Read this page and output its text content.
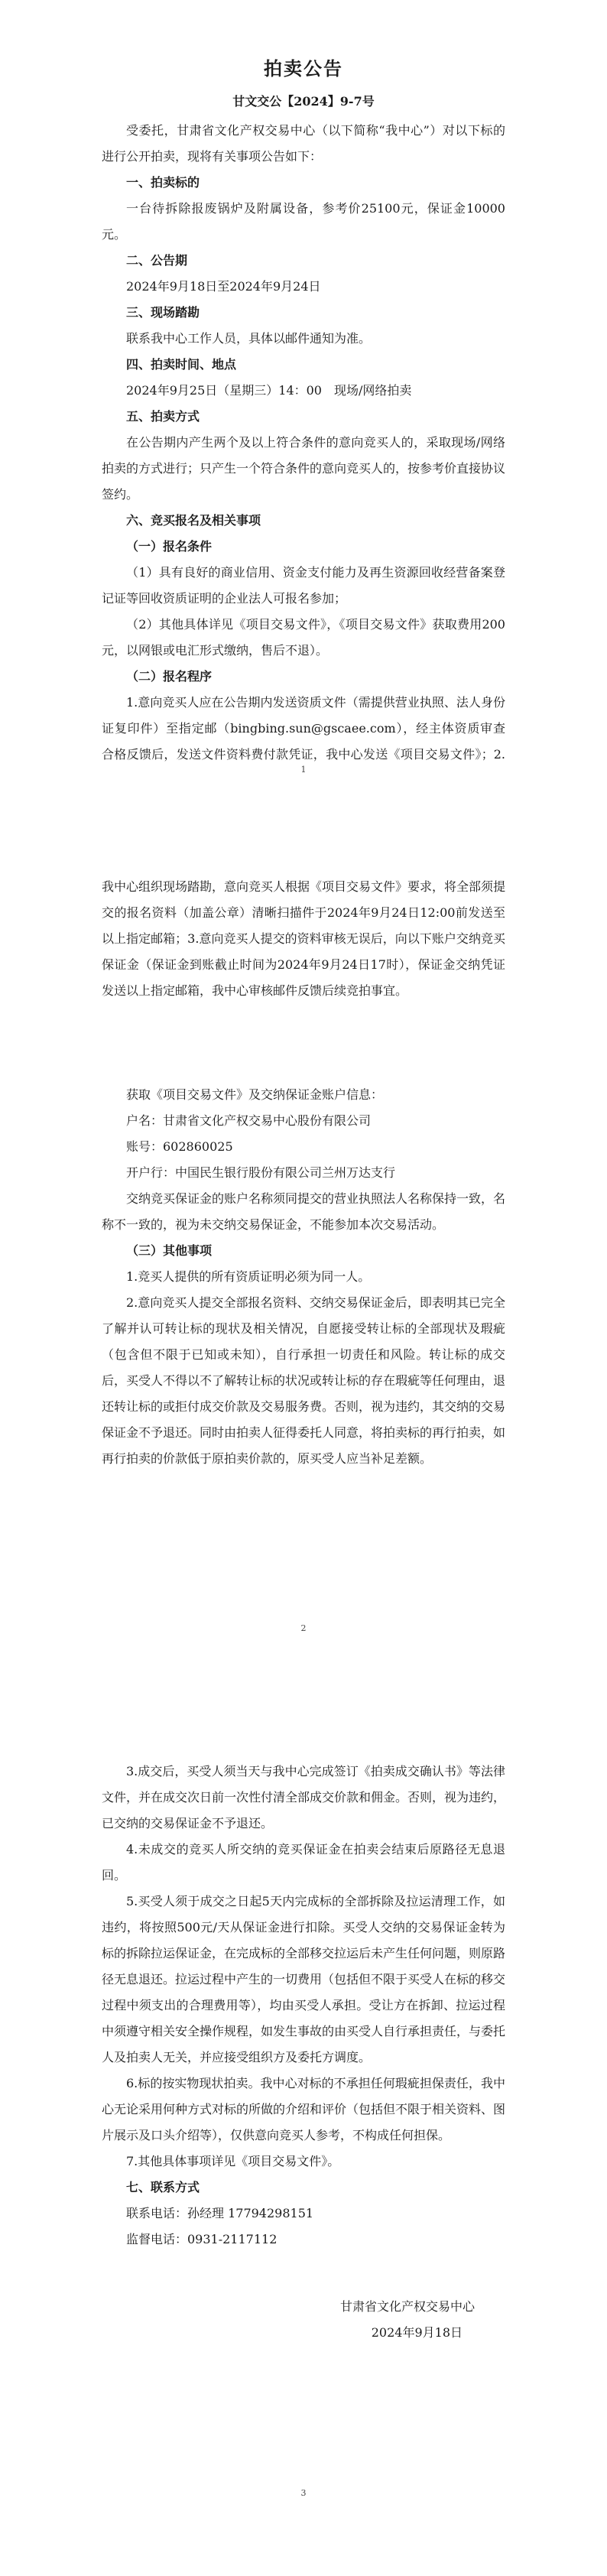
1
2
3
拍卖公告
甘文交公【2024】9-7号

受委托，甘肃省文化产权交易中心（以下简称“我中心”）对以下标的进行公开拍卖，现将有关事项公告如下：

一、拍卖标的

一台待拆除报废锅炉及附属设备，参考价25100元，保证金10000元。

二、公告期

2024年9月18日至2024年9月24日

三、现场踏勘

联系我中心工作人员，具体以邮件通知为准。

四、拍卖时间、地点

2024年9月25日（星期三）14：00　现场/网络拍卖

五、拍卖方式

在公告期内产生两个及以上符合条件的意向竞买人的，采取现场/网络拍卖的方式进行；只产生一个符合条件的意向竞买人的，按参考价直接协议签约。

六、竞买报名及相关事项

（一）报名条件

（1）具有良好的商业信用、资金支付能力及再生资源回收经营备案登记证等回收资质证明的企业法人可报名参加；

（2）其他具体详见《项目交易文件》，《项目交易文件》获取费用200元，以网银或电汇形式缴纳，售后不退）。

（二）报名程序

1.意向竞买人应在公告期内发送资质文件（需提供营业执照、法人身份证复印件）至指定邮（bingbing.sun@gscaee.com），经主体资质审查合格反馈后，发送文件资料费付款凭证，我中心发送《项目交易文件》；2.

我中心组织现场踏勘，意向竞买人根据《项目交易文件》要求，将全部须提

交的报名资料（加盖公章）清晰扫描件于2024年9月24日12:00前发送至以上指定邮箱；3.意向竞买人提交的资料审核无误后，向以下账户交纳竞买保证金（保证金到账截止时间为2024年9月24日17时），保证金交纳凭证发送以上指定邮箱，我中心审核邮件反馈后续竞拍事宜。

获取《项目交易文件》及交纳保证金账户信息：

户名：甘肃省文化产权交易中心股份有限公司

账号：602860025

开户行：中国民生银行股份有限公司兰州万达支行

交纳竞买保证金的账户名称须同提交的营业执照法人名称保持一致，名称不一致的，视为未交纳交易保证金，不能参加本次交易活动。

（三）其他事项

1.竞买人提供的所有资质证明必须为同一人。

2.意向竞买人提交全部报名资料、交纳交易保证金后，即表明其已完全了解并认可转让标的现状及相关情况，自愿接受转让标的全部现状及瑕疵（包含但不限于已知或未知），自行承担一切责任和风险。转让标的成交后，买受人不得以不了解转让标的状况或转让标的存在瑕疵等任何理由，退还转让标的或拒付成交价款及交易服务费。否则，视为违约，其交纳的交易保证金不予退还。同时由拍卖人征得委托人同意，将拍卖标的再行拍卖，如再行拍卖的价款低于原拍卖价款的，原买受人应当补足差额。

3.成交后，买受人须当天与我中心完成签订《拍卖成交确认书》等法律文件，并在成交次日前一次性付清全部成交价款和佣金。否则，视为违约，已交纳的交易保证金不予退还。

4.未成交的竞买人所交纳的竞买保证金在拍卖会结束后原路径无息退回。

5.买受人须于成交之日起5天内完成标的全部拆除及拉运清理工作，如违约，将按照500元/天从保证金进行扣除。买受人交纳的交易保证金转为标的拆除拉运保证金，在完成标的全部移交拉运后未产生任何问题，则原路径无息退还。拉运过程中产生的一切费用（包括但不限于买受人在标的移交过程中须支出的合理费用等），均由买受人承担。受让方在拆卸、拉运过程中须遵守相关安全操作规程，如发生事故的由买受人自行承担责任，与委托人及拍卖人无关，并应接受组织方及委托方调度。

6.标的按实物现状拍卖。我中心对标的不承担任何瑕疵担保责任，我中心无论采用何种方式对标的所做的介绍和评价（包括但不限于相关资料、图片展示及口头介绍等），仅供意向竞买人参考，不构成任何担保。

7.其他具体事项详见《项目交易文件》。

七、联系方式

联系电话：孙经理 17794298151

监督电话：0931-2117112

甘肃省文化产权交易中心

2024年9月18日
